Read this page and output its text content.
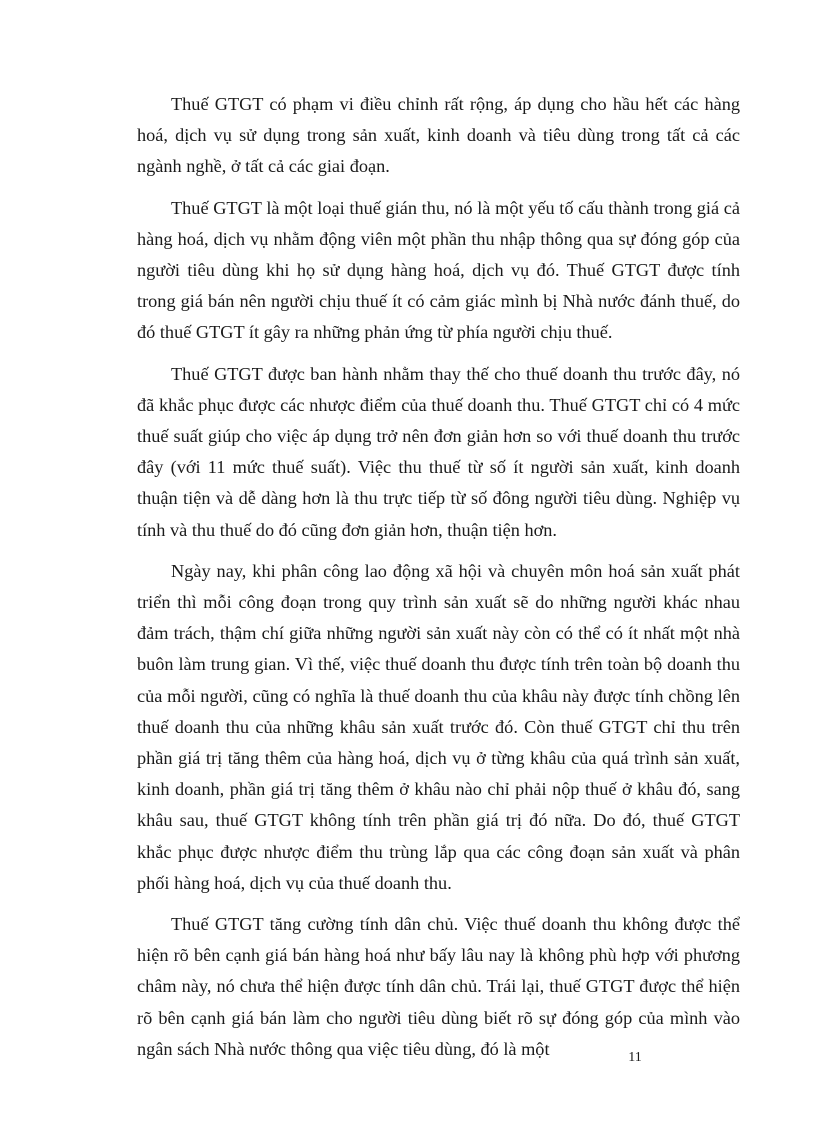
Thuế GTGT có phạm vi điều chỉnh rất rộng, áp dụng cho hầu hết các hàng hoá, dịch vụ sử dụng trong sản xuất, kinh doanh và tiêu dùng trong tất cả các ngành nghề, ở tất cả các giai đoạn.

Thuế GTGT là một loại thuế gián thu, nó là một yếu tố cấu thành trong giá cả hàng hoá, dịch vụ nhằm động viên một phần thu nhập thông qua sự đóng góp của người tiêu dùng khi họ sử dụng hàng hoá, dịch vụ đó. Thuế GTGT được tính trong giá bán nên người chịu thuế ít có cảm giác mình bị Nhà nước đánh thuế, do đó thuế GTGT ít gây ra những phản ứng từ phía người chịu thuế.

Thuế GTGT được ban hành nhằm thay thế cho thuế doanh thu trước đây, nó đã khắc phục được các nhược điểm của thuế doanh thu. Thuế GTGT chỉ có 4 mức thuế suất giúp cho việc áp dụng trở nên đơn giản hơn so với thuế doanh thu trước đây (với 11 mức thuế suất). Việc thu thuế từ số ít người sản xuất, kinh doanh thuận tiện và dễ dàng hơn là thu trực tiếp từ số đông người tiêu dùng. Nghiệp vụ tính và thu thuế do đó cũng đơn giản hơn, thuận tiện hơn.

Ngày nay, khi phân công lao động xã hội và chuyên môn hoá sản xuất phát triển thì mỗi công đoạn trong quy trình sản xuất sẽ do những người khác nhau đảm trách, thậm chí giữa những người sản xuất này còn có thể có ít nhất một nhà buôn làm trung gian. Vì thế, việc thuế doanh thu được tính trên toàn bộ doanh thu của mỗi người, cũng có nghĩa là thuế doanh thu của khâu này được tính chồng lên thuế doanh thu của những khâu sản xuất trước đó. Còn thuế GTGT chỉ thu trên phần giá trị tăng thêm của hàng hoá, dịch vụ ở từng khâu của quá trình sản xuất, kinh doanh, phần giá trị tăng thêm ở khâu nào chỉ phải nộp thuế ở khâu đó, sang khâu sau, thuế GTGT không tính trên phần giá trị đó nữa. Do đó, thuế GTGT khắc phục được nhược điểm thu trùng lắp qua các công đoạn sản xuất và phân phối hàng hoá, dịch vụ của thuế doanh thu.

Thuế GTGT tăng cường tính dân chủ. Việc thuế doanh thu không được thể hiện rõ bên cạnh giá bán hàng hoá như bấy lâu nay là không phù hợp với phương châm này, nó chưa thể hiện được tính dân chủ. Trái lại, thuế GTGT được thể hiện rõ bên cạnh giá bán làm cho người tiêu dùng biết rõ sự đóng góp của mình vào ngân sách Nhà nước thông qua việc tiêu dùng, đó là một	11
